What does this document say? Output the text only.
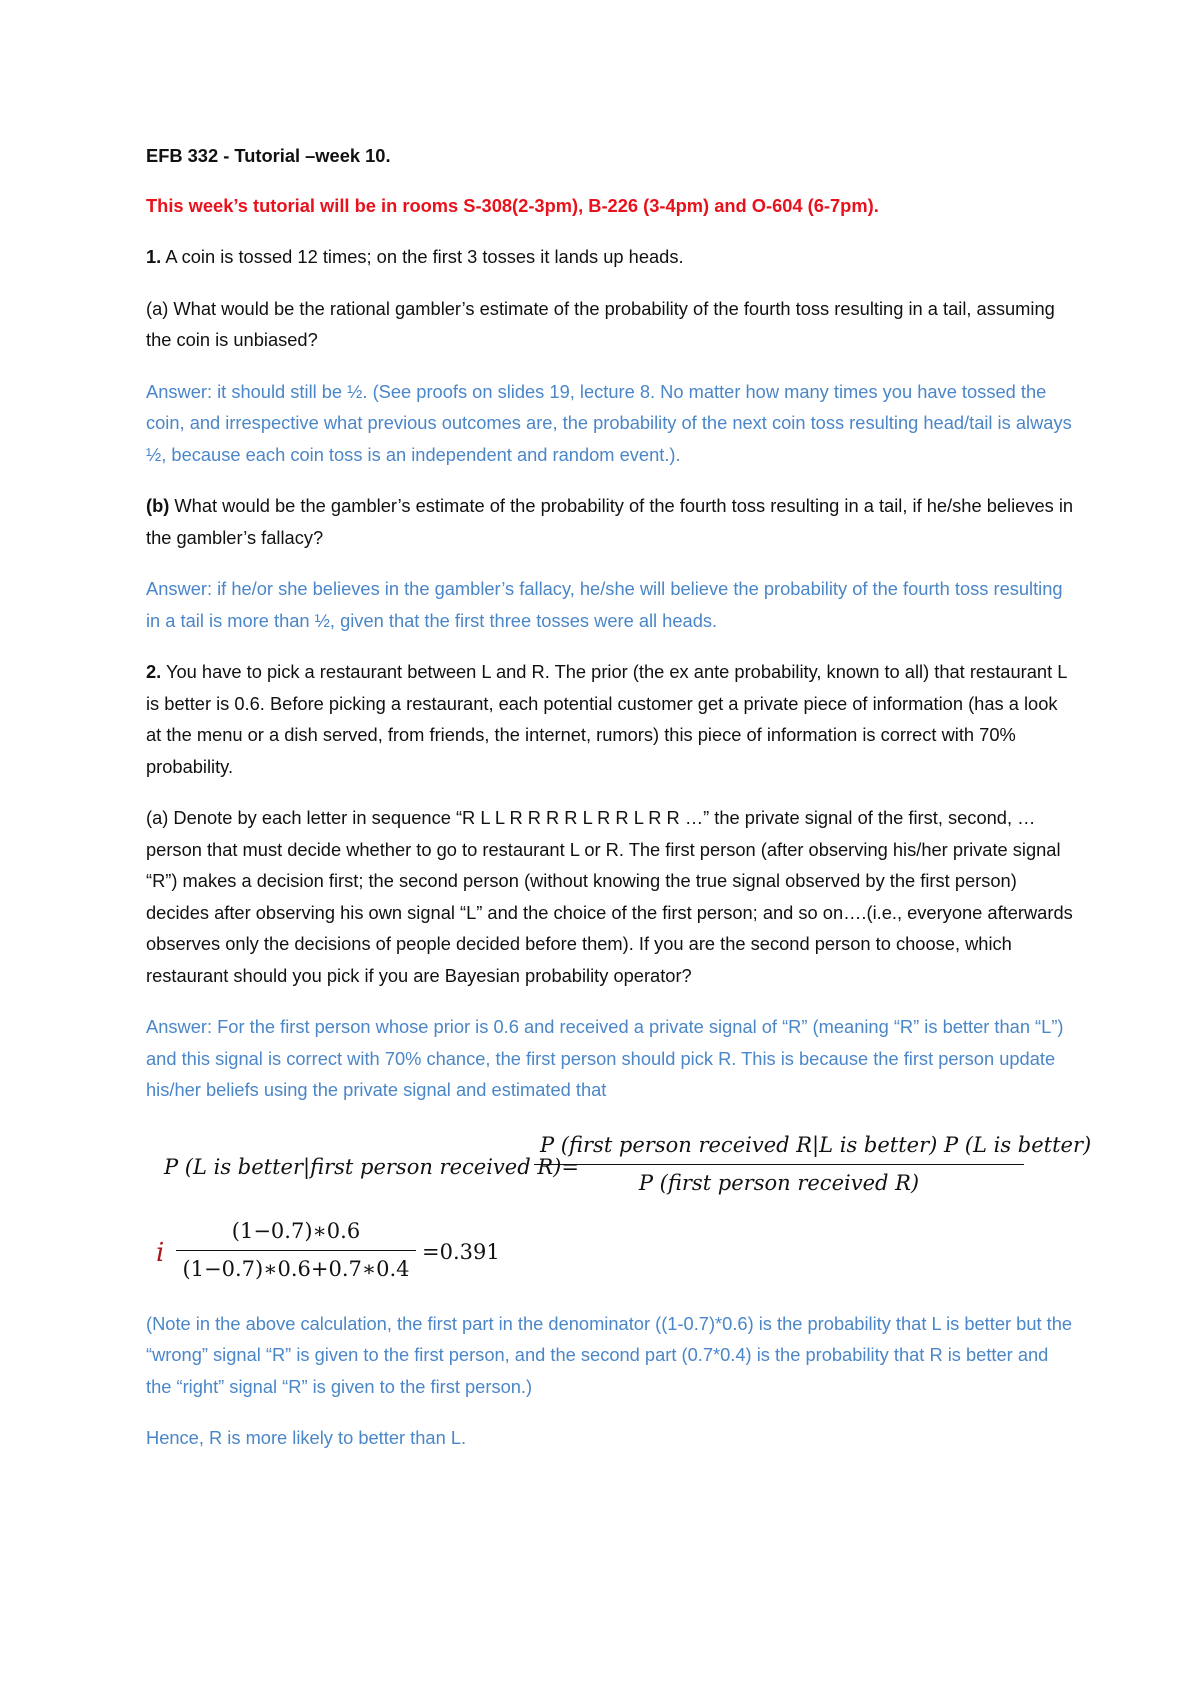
EFB 332 - Tutorial –week 10.

This week’s tutorial will be in rooms S-308(2-3pm), B-226 (3-4pm) and O-604 (6-7pm).

1. A coin is tossed 12 times; on the first 3 tosses it lands up heads.

(a) What would be the rational gambler’s estimate of the probability of the fourth toss resulting in a tail, assuming the coin is unbiased?

Answer: it should still be ½. (See proofs on slides 19, lecture 8. No matter how many times you have tossed the coin, and irrespective what previous outcomes are, the probability of the next coin toss resulting head/tail is always ½, because each coin toss is an independent and random event.).

(b) What would be the gambler’s estimate of the probability of the fourth toss resulting in a tail, if he/she believes in the gambler’s fallacy?

Answer: if he/or she believes in the gambler’s fallacy, he/she will believe the probability of the fourth toss resulting in a tail is more than ½, given that the first three tosses were all heads.

2. You have to pick a restaurant between L and R. The prior (the ex ante probability, known to all) that restaurant L is better is 0.6. Before picking a restaurant, each potential customer get a private piece of information (has a look at the menu or a dish served, from friends, the internet, rumors) this piece of information is correct with 70% probability.

(a) Denote by each letter in sequence “R L L R R R R L R R L R R …” the private signal of the first, second, … person that must decide whether to go to restaurant L or R. The first person (after observing his/her private signal “R”) makes a decision first; the second person (without knowing the true signal observed by the first person) decides after observing his own signal “L” and the choice of the first person; and so on….(i.e., everyone afterwards observes only the decisions of people decided before them). If you are the second person to choose, which restaurant should you pick if you are Bayesian probability operator?

Answer: For the first person whose prior is 0.6 and received a private signal of “R” (meaning “R” is better than “L”) and this signal is correct with 70% chance, the first person should pick R. This is because the first person update his/her beliefs using the private signal and estimated that

P (L is better|first person received R)=
P (first person received R|L is better) P (L is better)
P (first person received R)
i
(1−0.7)∗0.6
(1−0.7)∗0.6+0.7∗0.4
=0.391

(Note in the above calculation, the first part in the denominator ((1-0.7)*0.6) is the probability that L is better but the “wrong” signal “R” is given to the first person, and the second part (0.7*0.4) is the probability that R is better and the “right” signal “R” is given to the first person.)

Hence, R is more likely to better than L.
